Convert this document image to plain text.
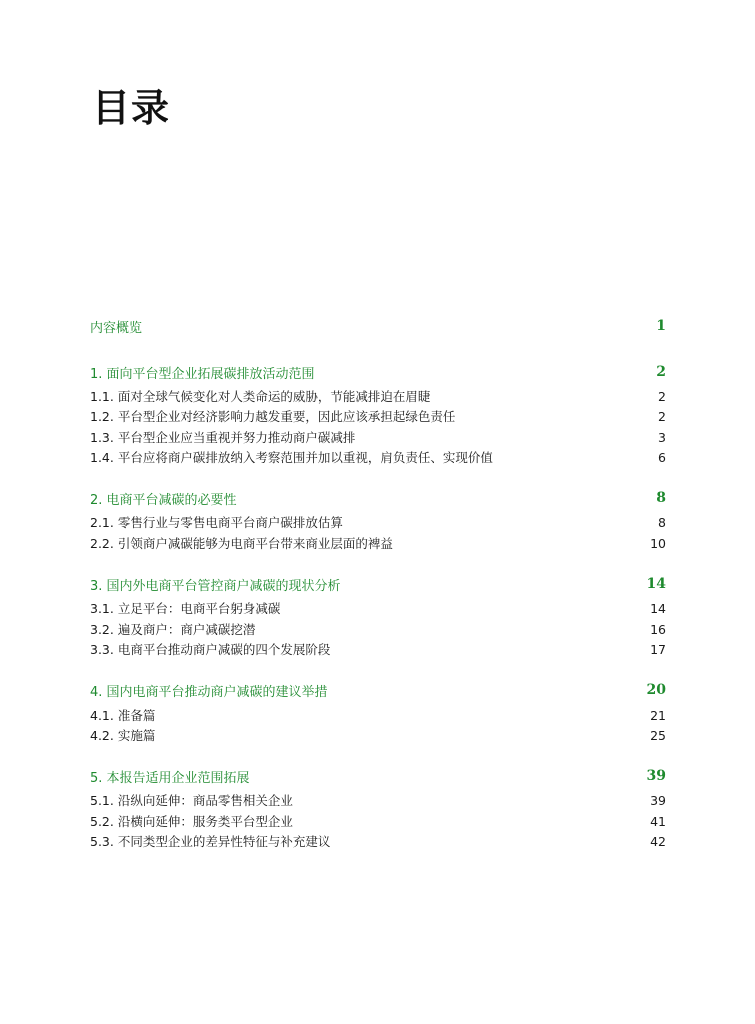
目录
内容概览	1
1. 面向平台型企业拓展碳排放活动范围	2
1.1. 面对全球气候变化对人类命运的威胁，节能减排迫在眉睫	2
1.2. 平台型企业对经济影响力越发重要，因此应该承担起绿色责任	2
1.3. 平台型企业应当重视并努力推动商户碳减排	3
1.4. 平台应将商户碳排放纳入考察范围并加以重视，肩负责任、实现价值	6
2. 电商平台减碳的必要性	8
2.1. 零售行业与零售电商平台商户碳排放估算	8
2.2. 引领商户减碳能够为电商平台带来商业层面的裨益	10
3. 国内外电商平台管控商户减碳的现状分析	14
3.1. 立足平台：电商平台躬身减碳	14
3.2. 遍及商户：商户减碳挖潜	16
3.3. 电商平台推动商户减碳的四个发展阶段	17
4. 国内电商平台推动商户减碳的建议举措	20
4.1. 准备篇	21
4.2. 实施篇	25
5. 本报告适用企业范围拓展	39
5.1. 沿纵向延伸：商品零售相关企业	39
5.2. 沿横向延伸：服务类平台型企业	41
5.3. 不同类型企业的差异性特征与补充建议	42
